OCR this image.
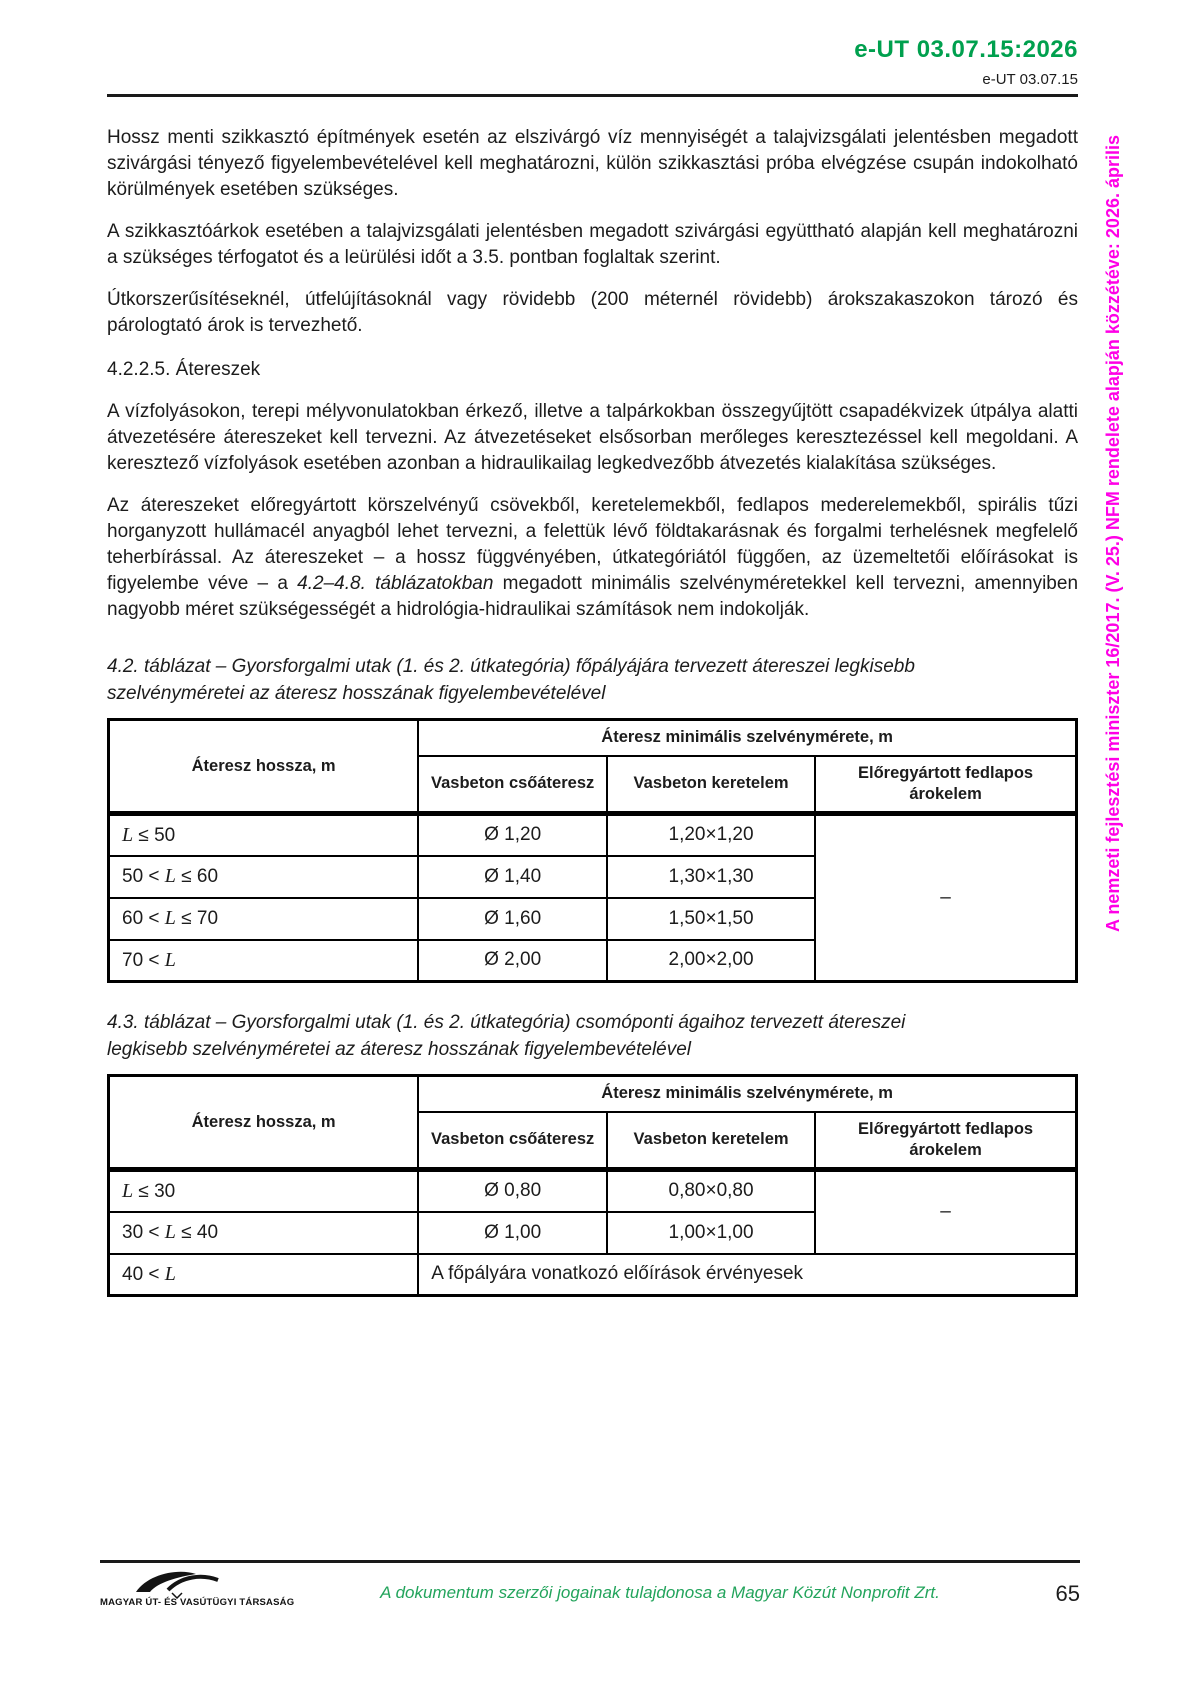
e-UT 03.07.15:2026
e-UT 03.07.15

Hossz menti szikkasztó építmények esetén az elszivárgó víz mennyiségét a talajvizsgálati jelentésben megadott szivárgási tényező figyelembevételével kell meghatározni, külön szikkasztási próba elvégzése csupán indokolható körülmények esetében szükséges.

A szikkasztóárkok esetében a talajvizsgálati jelentésben megadott szivárgási együttható alapján kell meghatározni a szükséges térfogatot és a leürülési időt a 3.5. pontban foglaltak szerint.

Útkorszerűsítéseknél, útfelújításoknál vagy rövidebb (200 méternél rövidebb) árokszakaszokon tározó és párologtató árok is tervezhető.

4.2.2.5. Átereszek

A vízfolyásokon, terepi mélyvonulatokban érkező, illetve a talpárkokban összegyűjtött csapadékvizek útpálya alatti átvezetésére átereszeket kell tervezni. Az átvezetéseket elsősorban merőleges keresztezéssel kell megoldani. A keresztező vízfolyások esetében azonban a hidraulikailag legkedvezőbb átvezetés kialakítása szükséges.

Az átereszeket előregyártott körszelvényű csövekből, keretelemekből, fedlapos mederelemekből, spirális tűzi horganyzott hullámacél anyagból lehet tervezni, a felettük lévő földtakarásnak és forgalmi terhelésnek megfelelő teherbírással. Az átereszeket – a hossz függvényében, útkategóriától függően, az üzemeltetői előírásokat is figyelembe véve – a 4.2–4.8. táblázatokban megadott minimális szelvényméretekkel kell tervezni, amennyiben nagyobb méret szükségességét a hidrológia-hidraulikai számítások nem indokolják.

4.2. táblázat – Gyorsforgalmi utak (1. és 2. útkategória) főpályájára tervezett átereszei legkisebb szelvényméretei az áteresz hosszának figyelembevételével

Áteresz hossza, m	Áteresz minimális szelvénymérete, m		
	Vasbeton csőáteresz	Vasbeton keretelem	Előregyártott fedlapos árokelem
L ≤ 50	Ø 1,20	1,20×1,20	–
50 < L ≤ 60	Ø 1,40	1,30×1,30	
60 < L ≤ 70	Ø 1,60	1,50×1,50	
70 < L	Ø 2,00	2,00×2,00	

4.3. táblázat – Gyorsforgalmi utak (1. és 2. útkategória) csomóponti ágaihoz tervezett átereszei legkisebb szelvényméretei az áteresz hosszának figyelembevételével

Áteresz hossza, m	Áteresz minimális szelvénymérete, m		
	Vasbeton csőáteresz	Vasbeton keretelem	Előregyártott fedlapos árokelem
L ≤ 30	Ø 0,80	0,80×0,80	–
30 < L ≤ 40	Ø 1,00	1,00×1,00	
40 < L	A főpályára vonatkozó előírások érvényesek		
A nemzeti fejlesztési miniszter 16/2017. (V. 25.) NFM rendelete alapján közzétéve: 2026. április
MAGYAR ÚT- ÉS VASÚTÜGYI TÁRSASÁG
A dokumentum szerzői jogainak tulajdonosa a Magyar Közút Nonprofit Zrt.	65
